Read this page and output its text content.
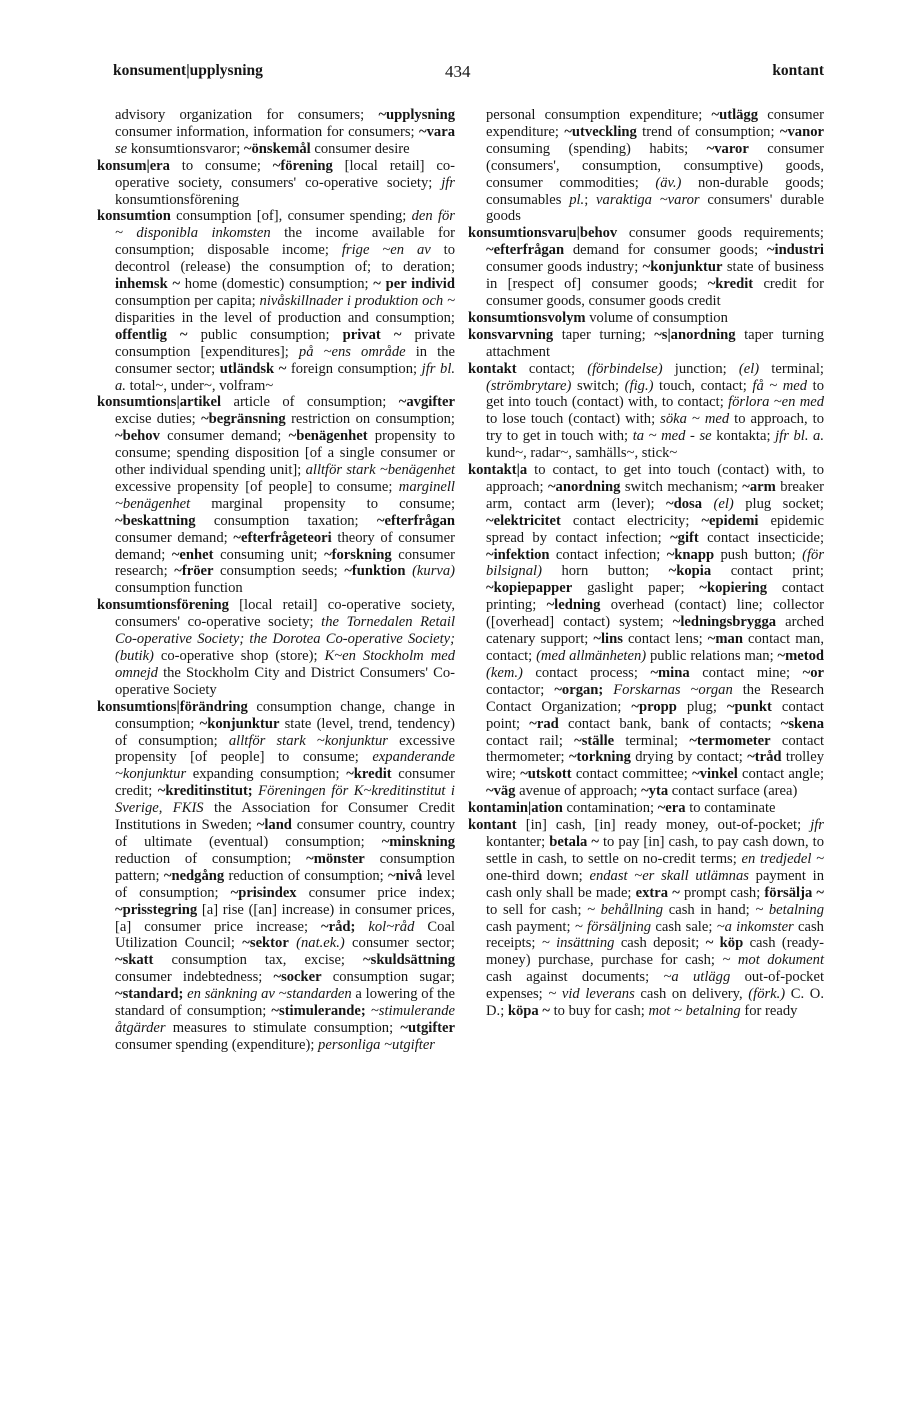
konsument|upplysning	434	kontant

advisory organization for consumers; ~upplysning consumer information, information for consumers; ~vara se konsumtionsvaror; ~önskemål consumer desire

konsum|era to consume; ~förening [local retail] co-operative society, consumers' co-operative society; jfr konsumtionsförening

konsumtion consumption [of], consumer spending; den för ~ disponibla inkomsten the income available for consumption; disposable income; frige ~en av to decontrol (release) the consumption of; to deration; inhemsk ~ home (domestic) consumption; ~ per individ consumption per capita; nivåskillnader i produktion och ~ disparities in the level of production and consumption; offentlig ~ public consumption; privat ~ private consumption [expenditures]; på ~ens område in the consumer sector; utländsk ~ foreign consumption; jfr bl. a. total~, under~, volfram~

konsumtions|artikel article of consumption; ~avgifter excise duties; ~begränsning restriction on consumption; ~behov consumer demand; ~benägenhet propensity to consume; spending disposition [of a single consumer or other individual spending unit]; alltför stark ~benägenhet excessive propensity [of people] to consume; marginell ~benägenhet marginal propensity to consume; ~beskattning consumption taxation; ~efterfrågan consumer demand; ~efterfrågeteori theory of consumer demand; ~enhet consuming unit; ~forskning consumer research; ~fröer consumption seeds; ~funktion (kurva) consumption function

konsumtionsförening [local retail] co-operative society, consumers' co-operative society; the Tornedalen Retail Co-operative Society; the Dorotea Co-operative Society; (butik) co-operative shop (store); K~en Stockholm med omnejd the Stockholm City and District Consumers' Co-operative Society

konsumtions|förändring consumption change, change in consumption; ~konjunktur state (level, trend, tendency) of consumption; alltför stark ~konjunktur excessive propensity [of people] to consume; expanderande ~konjunktur expanding consumption; ~kredit consumer credit; ~kreditinstitut; Föreningen för K~kreditinstitut i Sverige, FKIS the Association for Consumer Credit Institutions in Sweden; ~land consumer country, country of ultimate (eventual) consumption; ~minskning reduction of consumption; ~mönster consumption pattern; ~nedgång reduction of consumption; ~nivå level of consumption; ~prisindex consumer price index; ~prisstegring [a] rise ([an] increase) in consumer prices, [a] consumer price increase; ~råd; kol~råd Coal Utilization Council; ~sektor (nat.ek.) consumer sector; ~skatt consumption tax, excise; ~skuldsättning consumer indebtedness; ~socker consumption sugar; ~standard; en sänkning av ~standarden a lowering of the standard of consumption; ~stimulerande; ~stimulerande åtgärder measures to stimulate consumption; ~utgifter consumer spending (expenditure); personliga ~utgifter

personal consumption expenditure; ~utlägg consumer expenditure; ~utveckling trend of consumption; ~vanor consuming (spending) habits; ~varor consumer (consumers', consumption, consumptive) goods, consumer commodities; (äv.) non-durable goods; consumables pl.; varaktiga ~varor consumers' durable goods

konsumtionsvaru|behov consumer goods requirements; ~efterfrågan demand for consumer goods; ~industri consumer goods industry; ~konjunktur state of business in [respect of] consumer goods; ~kredit credit for consumer goods, consumer goods credit

konsumtionsvolym volume of consumption

konsvarvning taper turning; ~s|anordning taper turning attachment

kontakt contact; (förbindelse) junction; (el) terminal; (strömbrytare) switch; (fig.) touch, contact; få ~ med to get into touch (contact) with, to contact; förlora ~en med to lose touch (contact) with; söka ~ med to approach, to try to get in touch with; ta ~ med - se kontakta; jfr bl. a. kund~, radar~, samhälls~, stick~

kontakt|a to contact, to get into touch (contact) with, to approach; ~anordning switch mechanism; ~arm breaker arm, contact arm (lever); ~dosa (el) plug socket; ~elektricitet contact electricity; ~epidemi epidemic spread by contact infection; ~gift contact insecticide; ~infektion contact infection; ~knapp push button; (för bilsignal) horn button; ~kopia contact print; ~kopiepapper gaslight paper; ~kopiering contact printing; ~ledning overhead (contact) line; collector ([overhead] contact) system; ~ledningsbrygga arched catenary support; ~lins contact lens; ~man contact man, contact; (med allmänheten) public relations man; ~metod (kem.) contact process; ~mina contact mine; ~or contactor; ~organ; Forskarnas ~organ the Research Contact Organization; ~propp plug; ~punkt contact point; ~rad contact bank, bank of contacts; ~skena contact rail; ~ställe terminal; ~termometer contact thermometer; ~torkning drying by contact; ~tråd trolley wire; ~utskott contact committee; ~vinkel contact angle; ~väg avenue of approach; ~yta contact surface (area)

kontamin|ation contamination; ~era to contaminate

kontant [in] cash, [in] ready money, out-of-pocket; jfr kontanter; betala ~ to pay [in] cash, to pay cash down, to settle in cash, to settle on no-credit terms; en tredjedel ~ one-third down; endast ~er skall utlämnas payment in cash only shall be made; extra ~ prompt cash; försälja ~ to sell for cash; ~ behållning cash in hand; ~ betalning cash payment; ~ försäljning cash sale; ~a inkomster cash receipts; ~ insättning cash deposit; ~ köp cash (ready-money) purchase, purchase for cash; ~ mot dokument cash against documents; ~a utlägg out-of-pocket expenses; ~ vid leverans cash on delivery, (förk.) C. O. D.; köpa ~ to buy for cash; mot ~ betalning for ready
